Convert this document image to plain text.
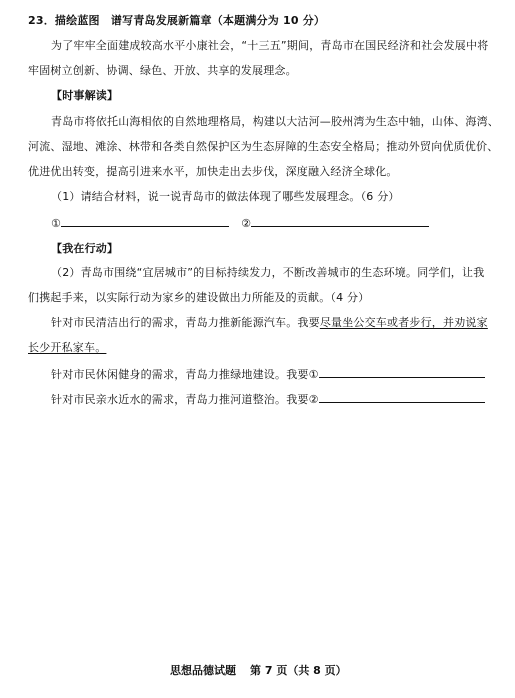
23．描绘蓝图　谱写青岛发展新篇章（本题满分为 10 分）
为了牢牢全面建成较高水平小康社会，“十三五”期间，青岛市在国民经济和社会发展中将
牢固树立创新、协调、绿色、开放、共享的发展理念。
【时事解读】
青岛市将依托山海相依的自然地理格局，构建以大沽河—胶州湾为生态中轴，山体、海湾、
河流、湿地、滩涂、林带和各类自然保护区为生态屏障的生态安全格局；推动外贸向优质优价、
优进优出转变，提高引进来水平，加快走出去步伐，深度融入经济全球化。
（1）请结合材料，说一说青岛市的做法体现了哪些发展理念。（6 分）
①	②
【我在行动】
（2）青岛市围绕“宜居城市”的目标持续发力，不断改善城市的生态环境。同学们，让我
们携起手来，以实际行动为家乡的建设做出力所能及的贡献。（4 分）
针对市民清洁出行的需求，青岛力推新能源汽车。我要尽量坐公交车或者步行，并劝说家
长少开私家车。
针对市民休闲健身的需求，青岛力推绿地建设。我要①
针对市民亲水近水的需求，青岛力推河道整治。我要②
思想品德试题 第 7 页（共 8 页）
